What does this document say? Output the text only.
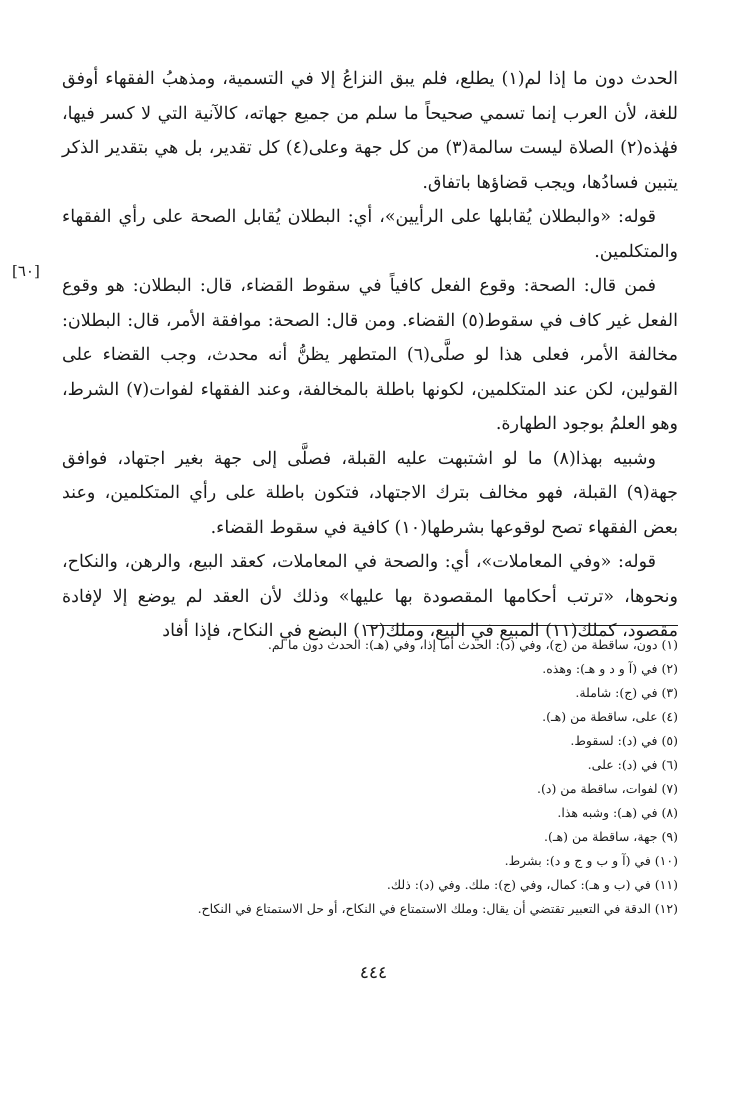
[٦٠]

الحدث دون ما إذا لم(١) يطلع، فلم يبق النزاعُ إلا في التسمية، ومذهبُ الفقهاء أوفق للغة، لأن العرب إنما تسمي صحيحاً ما سلم من جميع جهاته، كالآنية التي لا كسر فيها، فهٰذه(٢) الصلاة ليست سالمة(٣) من كل جهة وعلى(٤) كل تقدير، بل هي بتقدير الذكر يتبين فسادُها، ويجب قضاؤها باتفاق.

قوله: «والبطلان يُقابلها على الرأيين»، أي: البطلان يُقابل الصحة على رأي الفقهاء والمتكلمين.

فمن قال: الصحة: وقوع الفعل كافياً في سقوط القضاء، قال: البطلان: هو وقوع الفعل غير كاف في سقوط(٥) القضاء. ومن قال: الصحة: موافقة الأمر، قال: البطلان: مخالفة الأمر، فعلى هذا لو صلَّى(٦) المتطهر يظنُّ أنه محدث، وجب القضاء على القولين، لكن عند المتكلمين، لكونها باطلة بالمخالفة، وعند الفقهاء لفوات(٧) الشرط، وهو العلمُ بوجود الطهارة.

وشبيه بهذا(٨) ما لو اشتبهت عليه القبلة، فصلَّى إلى جهة بغير اجتهاد، فوافق جهة(٩) القبلة، فهو مخالف بترك الاجتهاد، فتكون باطلة على رأي المتكلمين، وعند بعض الفقهاء تصح لوقوعها بشرطها(١٠) كافية في سقوط القضاء.

قوله: «وفي المعاملات»، أي: والصحة في المعاملات، كعقد البيع، والرهن، والنكاح، ونحوها، «ترتب أحكامها المقصودة بها عليها» وذلك لأن العقد لم يوضع إلا لإفادة مقصود، كملك(١١) المبيع في البيع، وملك(١٢) البضع في النكاح، فإذا أفاد

(١) دون، ساقطة من (ج)، وفي (د): الحدث أما إذا، وفي (هـ): الحدث دون ما لم.

(٢) في (آ و د و هـ): وهذه.

(٣) في (ج): شاملة.

(٤) على، ساقطة من (هـ).

(٥) في (د): لسقوط.

(٦) في (د): على.

(٧) لفوات، ساقطة من (د).

(٨) في (هـ): وشبه هذا.

(٩) جهة، ساقطة من (هـ).

(١٠) في (آ و ب و ج و د): بشرط.

(١١) في (ب و هـ): كمال، وفي (ج): ملك. وفي (د): ذلك.

(١٢) الدقة في التعبير تقتضي أن يقال: وملك الاستمتاع في النكاح، أو حل الاستمتاع في النكاح.

٤٤٤
